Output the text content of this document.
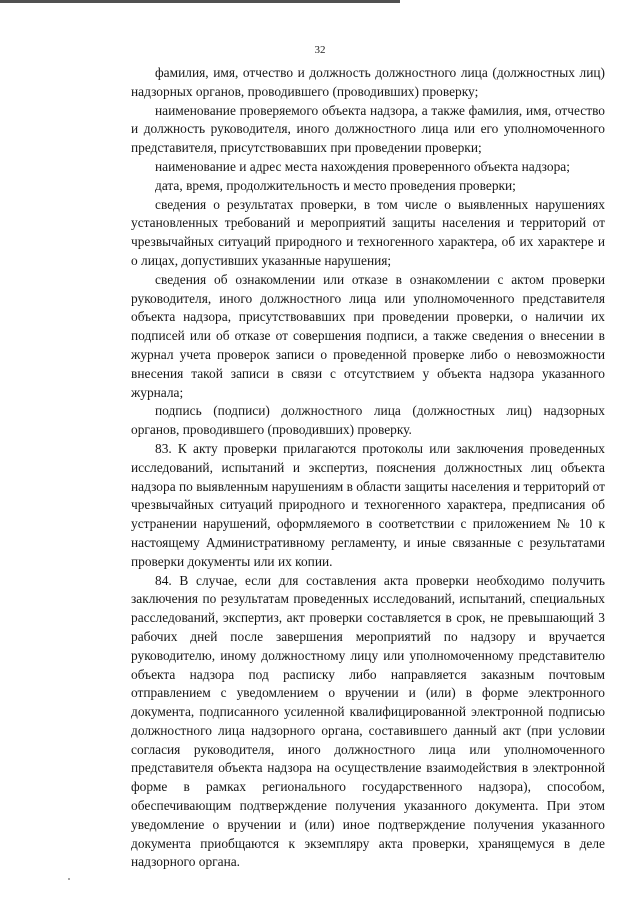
32

фамилия, имя, отчество и должность должностного лица (должностных лиц) надзорных органов, проводившего (проводивших) проверку;

наименование проверяемого объекта надзора, а также фамилия, имя, отчество и должность руководителя, иного должностного лица или его уполномоченного представителя, присутствовавших при проведении проверки;

наименование и адрес места нахождения проверенного объекта надзора;

дата, время, продолжительность и место проведения проверки;

сведения о результатах проверки, в том числе о выявленных нарушениях установленных требований и мероприятий защиты населения и территорий от чрезвычайных ситуаций природного и техногенного характера, об их характере и о лицах, допустивших указанные нарушения;

сведения об ознакомлении или отказе в ознакомлении с актом проверки руководителя, иного должностного лица или уполномоченного представителя объекта надзора, присутствовавших при проведении проверки, о наличии их подписей или об отказе от совершения подписи, а также сведения о внесении в журнал учета проверок записи о проведенной проверке либо о невозможности внесения такой записи в связи с отсутствием у объекта надзора указанного журнала;

подпись (подписи) должностного лица (должностных лиц) надзорных органов, проводившего (проводивших) проверку.

83. К акту проверки прилагаются протоколы или заключения проведенных исследований, испытаний и экспертиз, пояснения должностных лиц объекта надзора по выявленным нарушениям в области защиты населения и территорий от чрезвычайных ситуаций природного и техногенного характера, предписания об устранении нарушений, оформляемого в соответствии с приложением № 10 к настоящему Административному регламенту, и иные связанные с результатами проверки документы или их копии.

84. В случае, если для составления акта проверки необходимо получить заключения по результатам проведенных исследований, испытаний, специальных расследований, экспертиз, акт проверки составляется в срок, не превышающий 3 рабочих дней после завершения мероприятий по надзору и вручается руководителю, иному должностному лицу или уполномоченному представителю объекта надзора под расписку либо направляется заказным почтовым отправлением с уведомлением о вручении и (или) в форме электронного документа, подписанного усиленной квалифицированной электронной подписью должностного лица надзорного органа, составившего данный акт (при условии согласия руководителя, иного должностного лица или уполномоченного представителя объекта надзора на осуществление взаимодействия в электронной форме в рамках регионального государственного надзора), способом, обеспечивающим подтверждение получения указанного документа. При этом уведомление о вручении и (или) иное подтверждение получения указанного документа приобщаются к экземпляру акта проверки, хранящемуся в деле надзорного органа.
